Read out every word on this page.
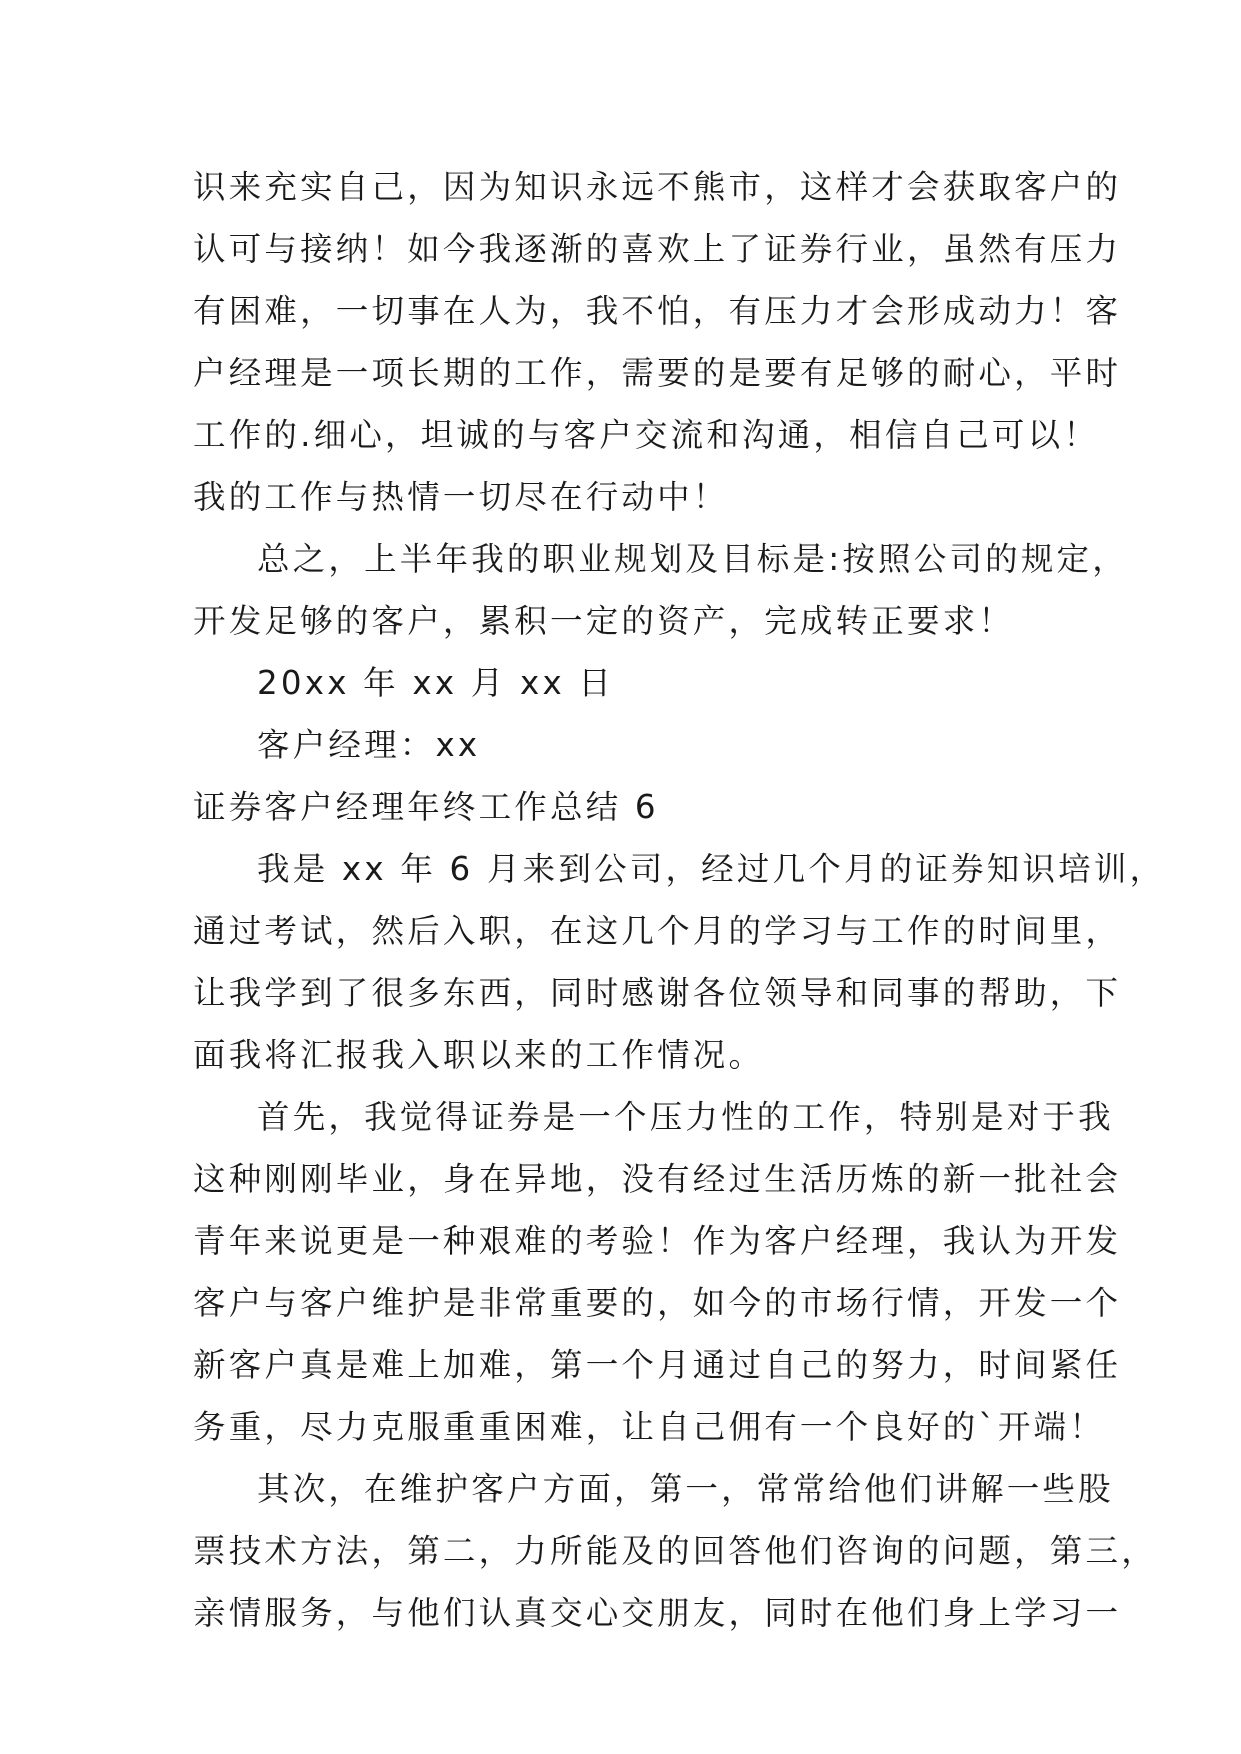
识来充实自己，因为知识永远不熊市，这样才会获取客户的
认可与接纳！如今我逐渐的喜欢上了证券行业，虽然有压力
有困难，一切事在人为，我不怕，有压力才会形成动力！客
户经理是一项长期的工作，需要的是要有足够的耐心，平时
工作的.细心，坦诚的与客户交流和沟通，相信自己可以！
我的工作与热情一切尽在行动中！
总之，上半年我的职业规划及目标是:按照公司的规定，
开发足够的客户，累积一定的资产，完成转正要求！
20xx 年 xx 月 xx 日
客户经理：xx
证券客户经理年终工作总结 6
我是 xx 年 6 月来到公司，经过几个月的证券知识培训，
通过考试，然后入职，在这几个月的学习与工作的时间里，
让我学到了很多东西，同时感谢各位领导和同事的帮助，下
面我将汇报我入职以来的工作情况。
首先，我觉得证券是一个压力性的工作，特别是对于我
这种刚刚毕业，身在异地，没有经过生活历炼的新一批社会
青年来说更是一种艰难的考验！作为客户经理，我认为开发
客户与客户维护是非常重要的，如今的市场行情，开发一个
新客户真是难上加难，第一个月通过自己的努力，时间紧任
务重，尽力克服重重困难，让自己佣有一个良好的`开端！
其次，在维护客户方面，第一，常常给他们讲解一些股
票技术方法，第二，力所能及的回答他们咨询的问题，第三，
亲情服务，与他们认真交心交朋友，同时在他们身上学习一
